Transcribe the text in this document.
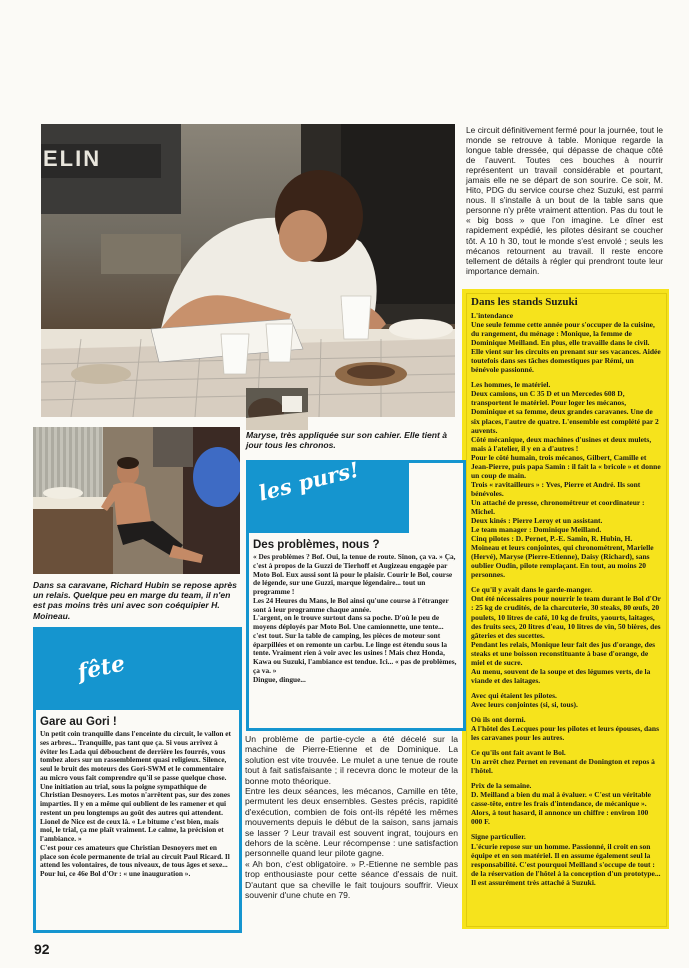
ELIN

Le circuit définitivement fermé pour la journée, tout le monde se retrouve à table. Monique regarde la longue table dressée, qui dépasse de chaque côté de l'auvent. Toutes ces bouches à nourrir représentent un travail considérable et pourtant, jamais elle ne se départ de son sourire. Ce soir, M. Hito, PDG du service course chez Suzuki, est parmi nous. Il s'installe à un bout de la table sans que personne n'y prête vraiment attention. Pas du tout le « big boss » que l'on imagine. Le dîner est rapidement expédié, les pilotes désirant se coucher tôt. A 10 h 30, tout le monde s'est envolé ; seuls les mécanos retournent au travail. Il reste encore tellement de détails à régler qui prendront toute leur importance demain.

Dans les stands Suzuki

L'intendance

Une seule femme cette année pour s'occuper de la cuisine, du rangement, du ménage : Monique, la femme de Dominique Meilland. En plus, elle travaille dans le civil. Elle vient sur les circuits en prenant sur ses vacances. Aidée toutefois dans ses tâches domestiques par Rémi, un bénévole passionné.

Les hommes, le matériel.

Deux camions, un C 35 D et un Mercedes 608 D, transportent le matériel. Pour loger les mécanos, Dominique et sa femme, deux grandes caravanes. Une de six places, l'autre de quatre. L'ensemble est complété par 2 auvents.

Côté mécanique, deux machines d'usines et deux mulets, mais à l'atelier, il y en a d'autres !

Pour le côté humain, trois mécanos, Gilbert, Camille et Jean-Pierre, puis papa Samin : il fait la « bricole » et donne un coup de main.

Trois « ravitailleurs » : Yves, Pierre et André. Ils sont bénévoles.

Un attaché de presse, chronométreur et coordinateur : Michel.

Deux kinés : Pierre Leroy et un assistant.

Le team manager : Dominique Meilland.

Cinq pilotes : D. Pernet, P.-E. Samin, R. Hubin, H. Moineau et leurs conjointes, qui chronométrent, Marielle (Hervé), Maryse (Pierre-Etienne), Daisy (Richard), sans oublier Oudin, pilote remplaçant. En tout, au moins 20 personnes.

Ce qu'il y avait dans le garde-manger.

Ont été nécessaires pour nourrir le team durant le Bol d'Or : 25 kg de crudités, de la charcuterie, 30 steaks, 80 œufs, 20 poulets, 10 litres de café, 10 kg de fruits, yaourts, laitages, des fruits secs, 20 litres d'eau, 10 litres de vin, 50 bières, des gâteries et des sucettes.

Pendant les relais, Monique leur fait des jus d'orange, des steaks et une boisson reconstituante à base d'orange, de miel et de sucre.

Au menu, souvent de la soupe et des légumes verts, de la viande et des laitages.

Avec qui étaient les pilotes.

Avec leurs conjointes (si, si, tous).

Où ils ont dormi.

A l'hôtel des Lecques pour les pilotes et leurs épouses, dans les caravanes pour les autres.

Ce qu'ils ont fait avant le Bol.

Un arrêt chez Pernet en revenant de Donington et repos à l'hôtel.

Prix de la semaine.

D. Meilland a bien du mal à évaluer. « C'est un véritable casse-tête, entre les frais d'intendance, de mécanique ». Alors, à tout hasard, il annonce un chiffre : environ 100 000 F.

Signe particulier.

L'écurie repose sur un homme. Passionné, il croit en son équipe et en son matériel. Il en assume également seul la responsabilité. C'est pourquoi Meilland s'occupe de tout : de la réservation de l'hôtel à la conception d'un prototype... Il est assurément très attaché à Suzuki.

Dans sa caravane, Richard Hubin se repose après un relais. Quelque peu en marge du team, il n'en est pas moins très uni avec son coéquipier H. Moineau.
Maryse, très appliquée sur son cahier. Elle tient à jour tous les chronos.
les purs!
Des problèmes, nous ?

« Des problèmes ? Bof. Oui, la tenue de route. Sinon, ça va. » Ça, c'est à propos de la Guzzi de Tierhoff et Augizeau engagée par Moto Bol. Eux aussi sont là pour le plaisir. Courir le Bol, course de légende, sur une Guzzi, marque légendaire... tout un programme !

Les 24 Heures du Mans, le Bol ainsi qu'une course à l'étranger sont à leur programme chaque année.

L'argent, on le trouve surtout dans sa poche. D'où le peu de moyens déployés par Moto Bol. Une camionnette, une tente... c'est tout. Sur la table de camping, les pièces de moteur sont éparpillées et on remonte un carbu. Le linge est étendu sous la tente. Vraiment rien à voir avec les usines ! Mais chez Honda, Kawa ou Suzuki, l'ambiance est tendue. Ici... « pas de problèmes, ça va. »

Dingue, dingue...

fête
Gare au Gori !

Un petit coin tranquille dans l'enceinte du circuit, le vallon et ses arbres... Tranquille, pas tant que ça. Si vous arrivez à éviter les Lada qui débouchent de derrière les fourrés, vous tombez alors sur un rassemblement quasi religieux. Silence, seul le bruit des moteurs des Gori-SWM et le commentaire au micro vous fait comprendre qu'il se passe quelque chose. Une initiation au trial, sous la poigne sympathique de Christian Desnoyers. Les motos n'arrêtent pas, sur des zones imparties. Il y en a même qui oublient de les ramener et qui restent un peu longtemps au goût des autres qui attendent. Lionel de Nice est de ceux là. « Le bitume c'est bien, mais moi, le trial, ça me plaît vraiment. Le calme, la précision et l'ambiance. »

C'est pour ces amateurs que Christian Desnoyers met en place son école permanente de trial au circuit Paul Ricard. Il attend les volontaires, de tous niveaux, de tous âges et sexe... Pour lui, ce 46e Bol d'Or : « une inauguration ».

Un problème de partie-cycle a été décelé sur la machine de Pierre-Etienne et de Dominique. La solution est vite trouvée. Le mulet a une tenue de route tout à fait satisfaisante ; il recevra donc le moteur de la bonne moto théorique.

Entre les deux séances, les mécanos, Camille en tête, permutent les deux ensembles. Gestes précis, rapidité d'exécution, combien de fois ont-ils répété les mêmes mouvements depuis le début de la saison, sans jamais se lasser ? Leur travail est souvent ingrat, toujours en dehors de la scène. Leur récompense : une satisfaction personnelle quand leur pilote gagne.

« Ah bon, c'est obligatoire. » P.-Etienne ne semble pas trop enthousiaste pour cette séance d'essais de nuit. D'autant que sa cheville le fait toujours souffrir. Vieux souvenir d'une chute en 79.

92
